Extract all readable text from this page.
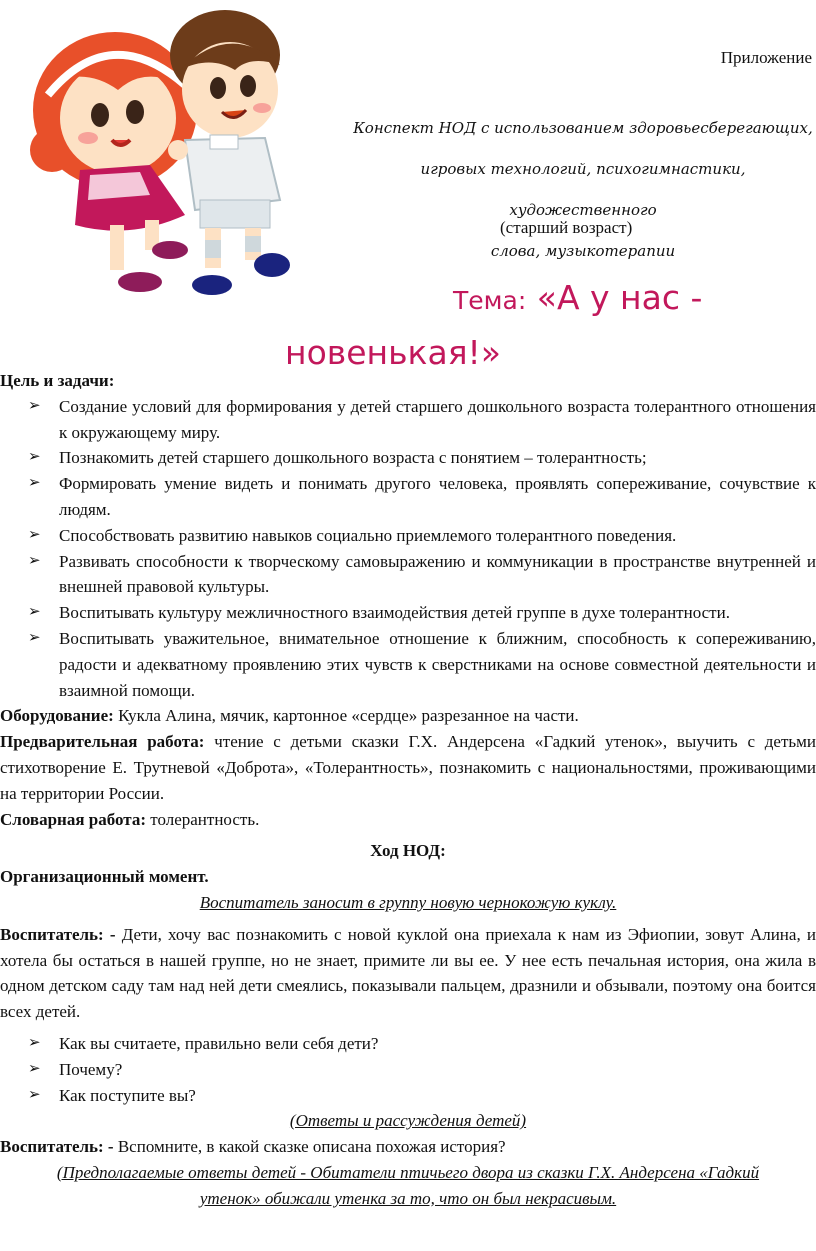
Приложение
Конспект НОД с использованием здоровьесберегающих,
игровых технологий, психогимнастики, художественного
слова, музыкотерапии
(старший возраст)
Тема: «А у нас -
новенькая!»

Цель и задачи:

➢ Создание условий для формирования у детей старшего дошкольного возраста толерантного отношения к окружающему миру.
➢ Познакомить детей старшего дошкольного возраста с понятием – толерантность;
➢ Формировать умение видеть и понимать другого человека, проявлять сопереживание, сочувствие к людям.
➢ Способствовать развитию навыков социально приемлемого толерантного поведения.
➢ Развивать способности к творческому самовыражению и коммуникации в пространстве внутренней и внешней правовой культуры.
➢ Воспитывать культуру межличностного взаимодействия детей группе в духе толерантности.
➢ Воспитывать уважительное, внимательное отношение к ближним, способность к сопереживанию, радости и адекватному проявлению этих чувств к сверстниками на основе совместной деятельности и взаимной помощи.

Оборудование: Кукла Алина, мячик, картонное «сердце» разрезанное на части.

Предварительная работа: чтение с детьми сказки Г.Х. Андерсена «Гадкий утенок», выучить с детьми стихотворение Е. Трутневой «Доброта», «Толерантность», познакомить с национальностями, проживающими на территории России.

Словарная работа: толерантность.

Ход НОД:

Организационный момент.

Воспитатель заносит в группу новую чернокожую куклу.

Воспитатель: - Дети, хочу вас познакомить с новой куклой она приехала к нам из Эфиопии, зовут Алина, и хотела бы остаться в нашей группе, но не знает, примите ли вы ее. У нее есть печальная история, она жила в одном детском саду там над ней дети смеялись, показывали пальцем, дразнили и обзывали, поэтому она боится всех детей.

➢ Как вы считаете, правильно вели себя дети?
➢ Почему?
➢ Как поступите вы?

(Ответы и рассуждения детей)

Воспитатель: - Вспомните, в какой сказке описана похожая история?

(Предполагаемые ответы детей - Обитатели птичьего двора из сказки Г.Х. Андерсена «Гадкий утенок» обижали утенка за то, что он был некрасивым.
